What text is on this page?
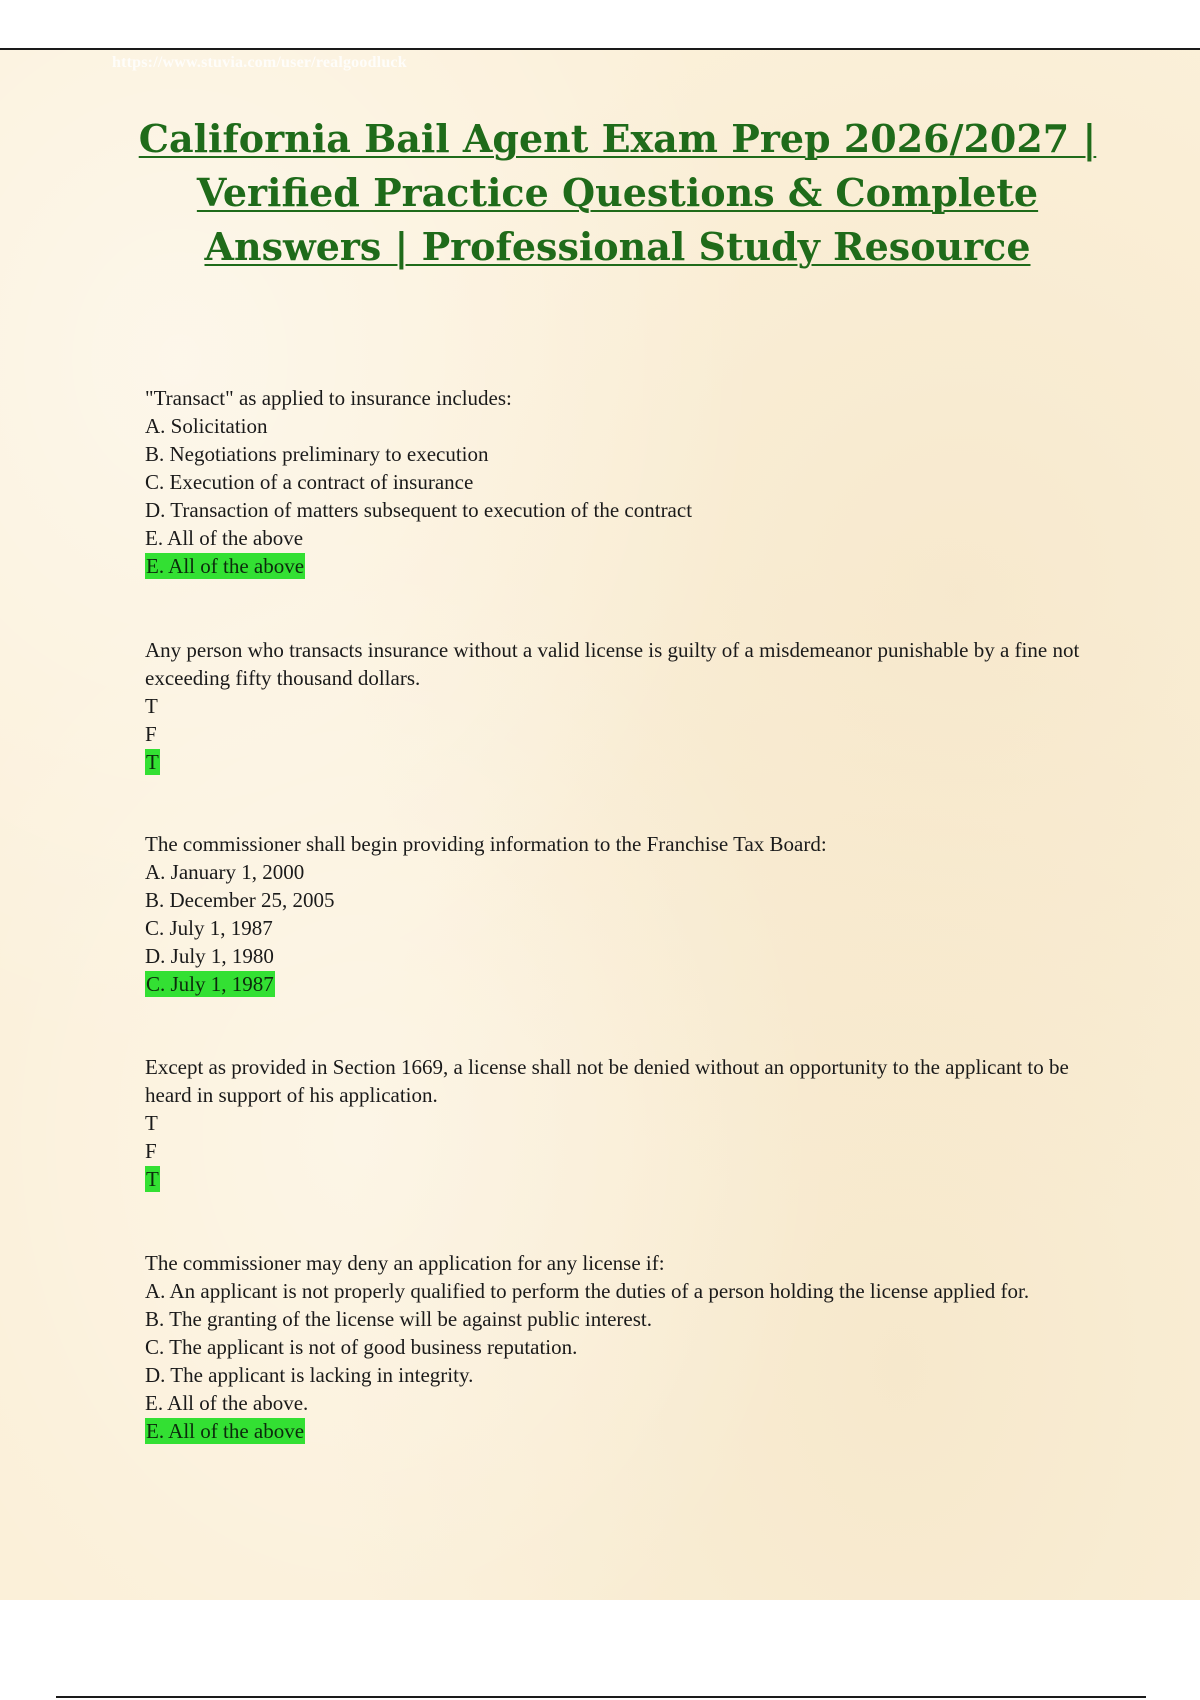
https://www.stuvia.com/user/realgoodluck
California Bail Agent Exam Prep 2026/2027 | Verified Practice Questions & Complete Answers | Professional Study Resource
"Transact" as applied to insurance includes:
A. Solicitation
B. Negotiations preliminary to execution
C. Execution of a contract of insurance
D. Transaction of matters subsequent to execution of the contract
E. All of the above
E. All of the above
Any person who transacts insurance without a valid license is guilty of a misdemeanor punishable by a fine not exceeding fifty thousand dollars.
T
F
T
The commissioner shall begin providing information to the Franchise Tax Board:
A. January 1, 2000
B. December 25, 2005
C. July 1, 1987
D. July 1, 1980
C. July 1, 1987
Except as provided in Section 1669, a license shall not be denied without an opportunity to the applicant to be heard in support of his application.
T
F
T
The commissioner may deny an application for any license if:
A. An applicant is not properly qualified to perform the duties of a person holding the license applied for.
B. The granting of the license will be against public interest.
C. The applicant is not of good business reputation.
D. The applicant is lacking in integrity.
E. All of the above.
E. All of the above
